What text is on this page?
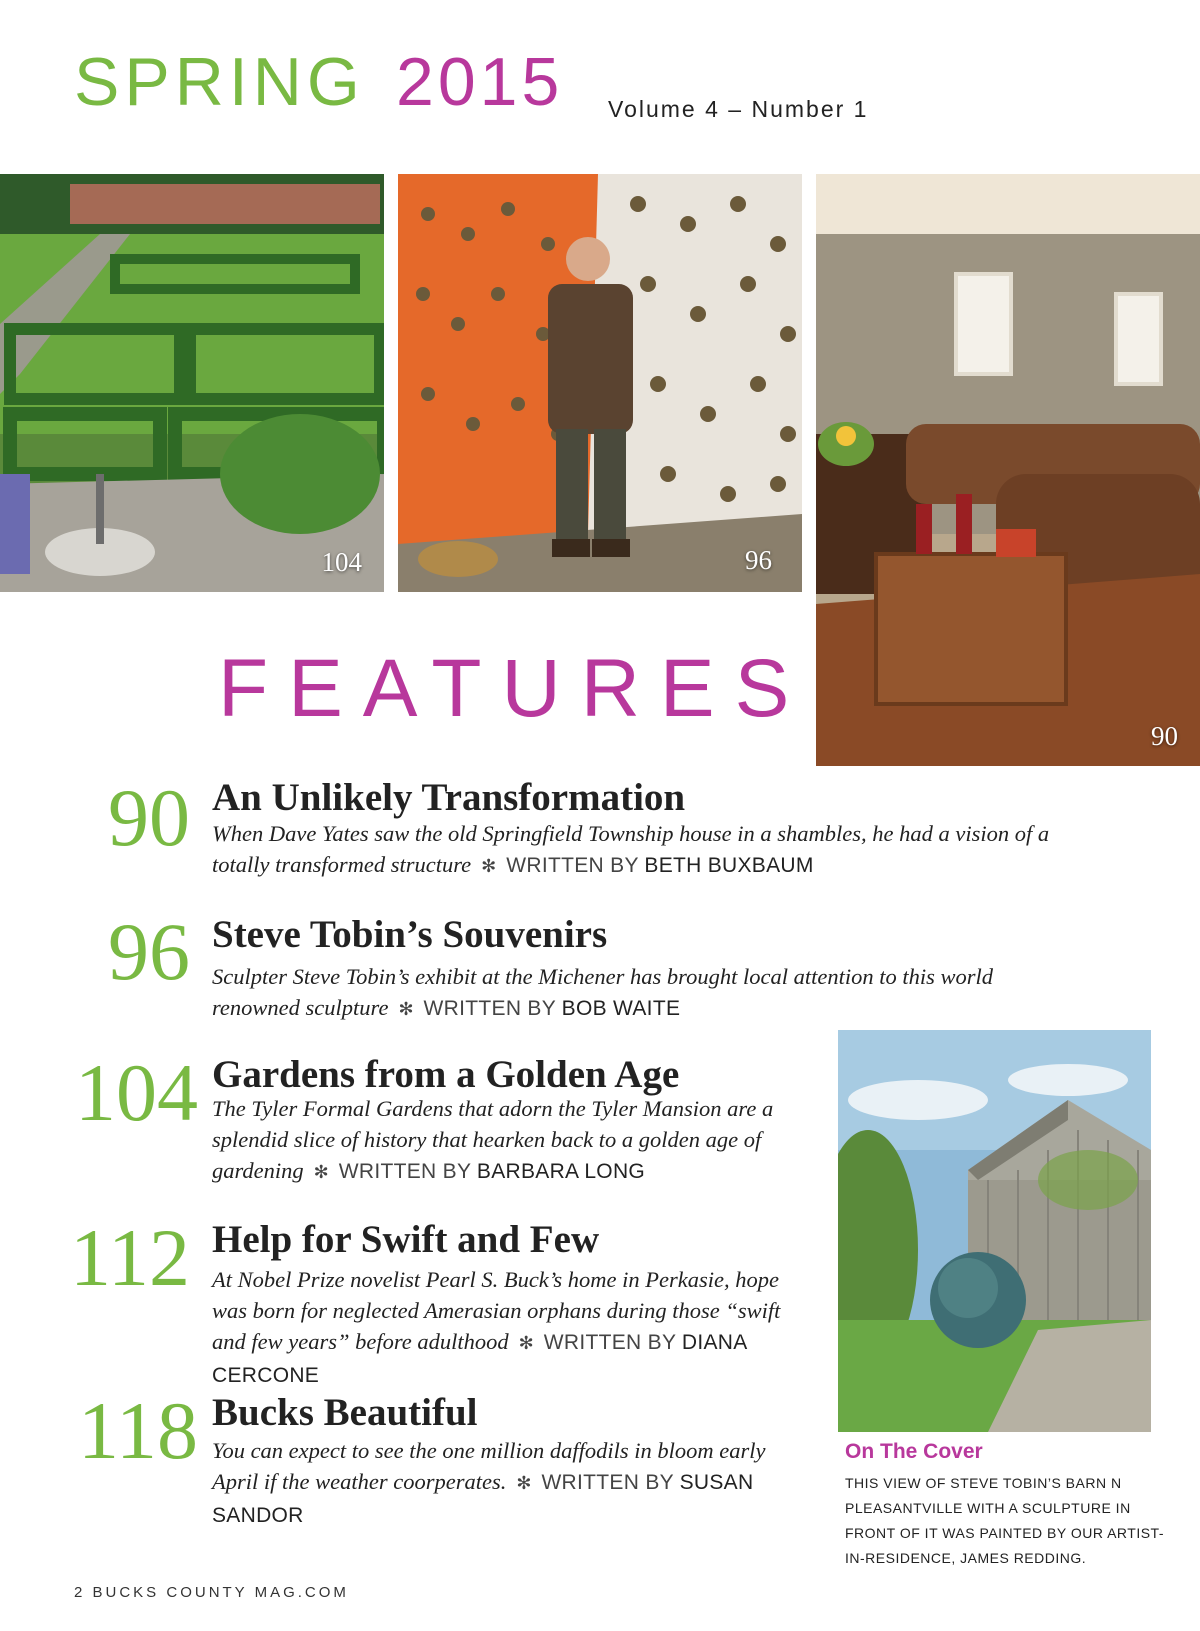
SPRING 2015 Volume 4 – Number 1
104	96
90
FEATURES
90 An Unlikely Transformation
When Dave Yates saw the old Springfield Township house in a shambles, he had a vision of a totally transformed structure ✻ WRITTEN BY BETH BUXBAUM
96 Steve Tobin’s Souvenirs
Sculpter Steve Tobin’s exhibit at the Michener has brought local attention to this world renowned sculpture ✻ WRITTEN BY BOB WAITE
104 Gardens from a Golden Age
The Tyler Formal Gardens that adorn the Tyler Mansion are a splendid slice of history that hearken back to a golden age of gardening ✻ WRITTEN BY BARBARA LONG
112 Help for Swift and Few
At Nobel Prize novelist Pearl S. Buck’s home in Perkasie, hope was born for neglected Amerasian orphans during those “swift and few years” before adulthood ✻ WRITTEN BY DIANA CERCONE
118 Bucks Beautiful
You can expect to see the one million daffodils in bloom early April if the weather coorperates. ✻ WRITTEN BY SUSAN SANDOR
On The Cover
THIS VIEW OF STEVE TOBIN’S BARN N PLEASANTVILLE WITH A SCULPTURE IN FRONT OF IT WAS PAINTED BY OUR ARTIST-IN-RESIDENCE, JAMES REDDING.
2 BUCKS COUNTY MAG.COM
